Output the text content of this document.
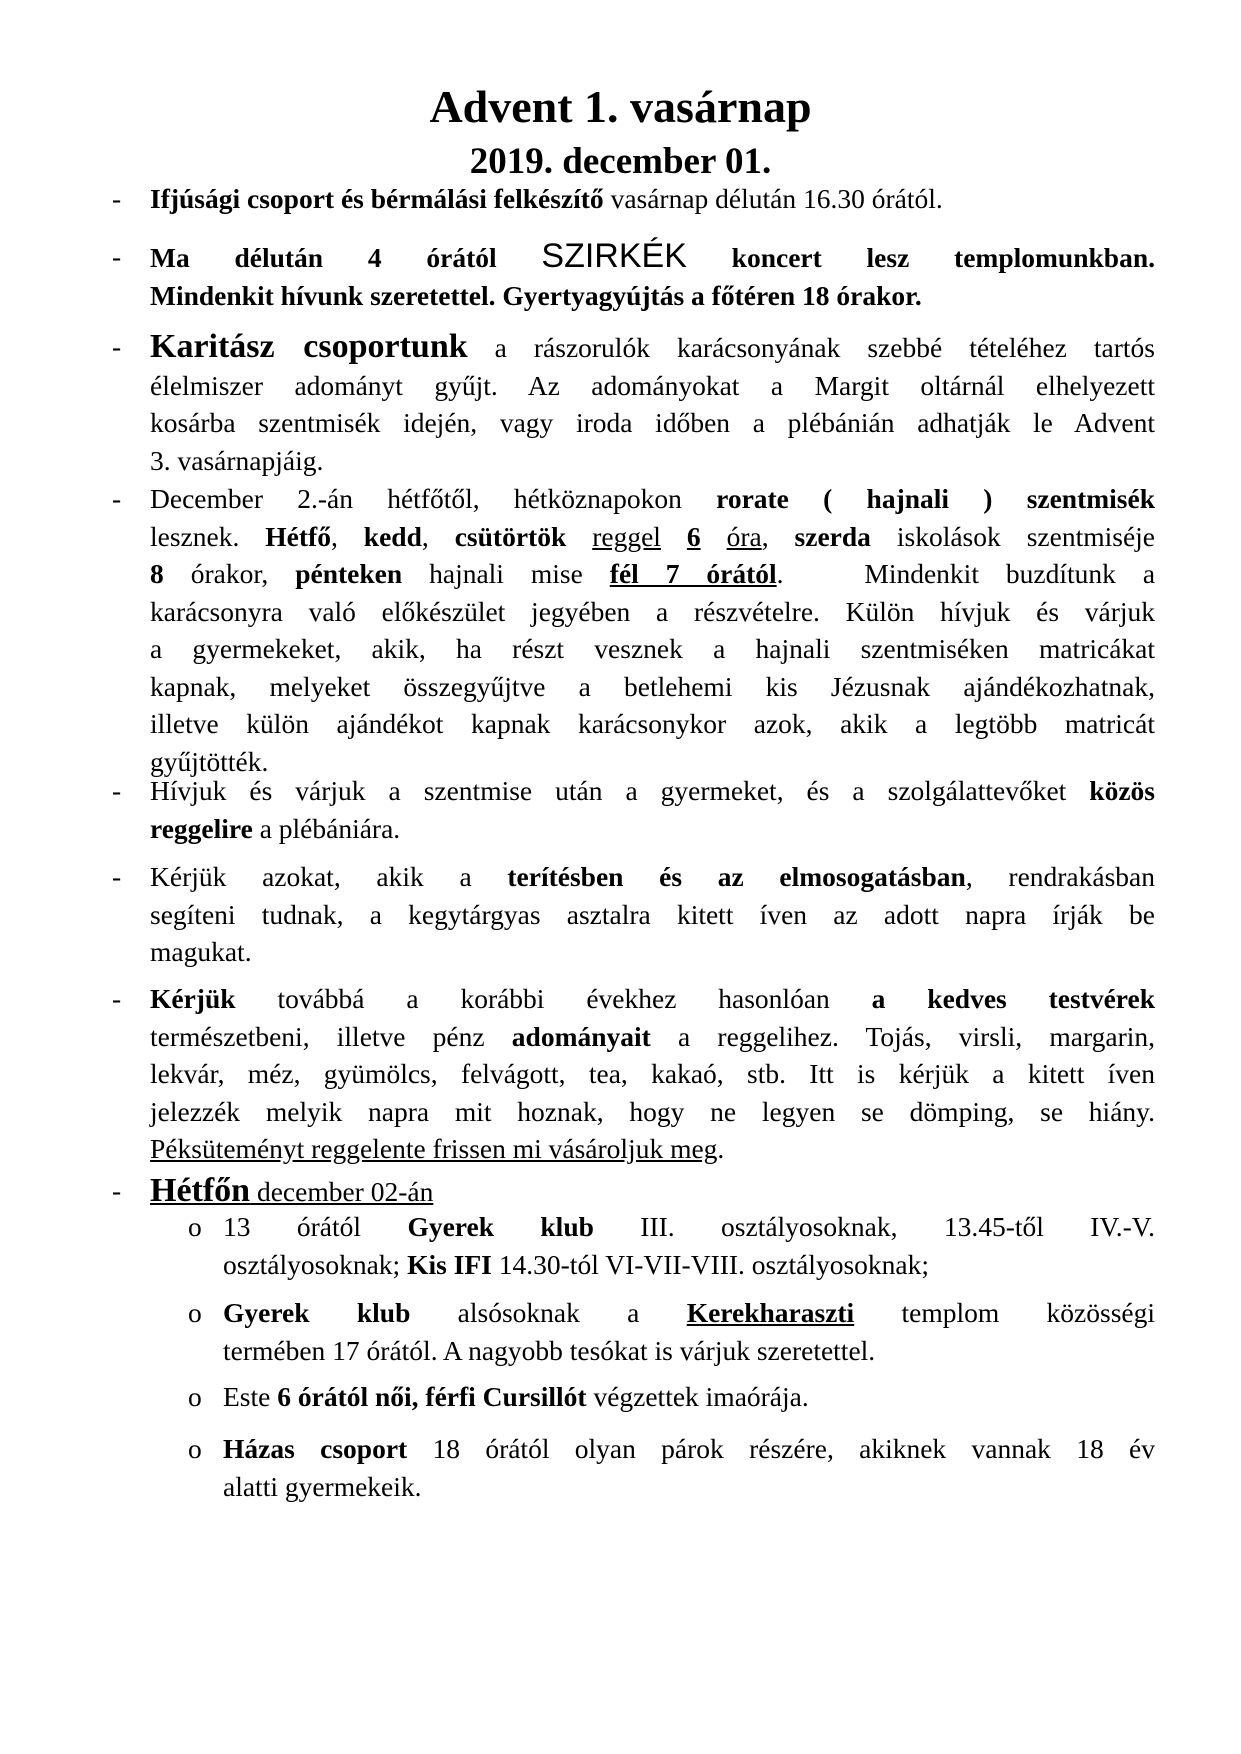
Advent 1. vasárnap
2019. december 01.
- Ifjúsági csoport és bérmálási felkészítő vasárnap délután 16.30 órától.

- Ma délután 4 órától SZIRKÉK koncert lesz templomunkban.

Mindenkit hívunk szeretettel. Gyertyagyújtás a főtéren 18 órakor.

- Karitász csoportunk a rászorulók karácsonyának szebbé tételéhez tartós

élelmiszer adományt gyűjt. Az adományokat a Margit oltárnál elhelyezett

kosárba szentmisék idején, vagy iroda időben a plébánián adhatják le Advent

3. vasárnapjáig.

- December 2.-án hétfőtől, hétköznapokon rorate ( hajnali ) szentmisék

lesznek. Hétfő, kedd, csütörtök reggel 6 óra, szerda iskolások szentmiséje

8 órakor, pénteken hajnali mise fél 7 órától.	Mindenkit buzdítunk a

karácsonyra való előkészület jegyében a részvételre. Külön hívjuk és várjuk

a gyermekeket, akik, ha részt vesznek a hajnali szentmiséken matricákat

kapnak, melyeket összegyűjtve a betlehemi kis Jézusnak ajándékozhatnak,

illetve külön ajándékot kapnak karácsonykor azok, akik a legtöbb matricát

gyűjtötték.

- Hívjuk és várjuk a szentmise után a gyermeket, és a szolgálattevőket közös

reggelire a plébániára.

- Kérjük azokat, akik a terítésben és az elmosogatásban, rendrakásban

segíteni tudnak, a kegytárgyas asztalra kitett íven az adott napra írják be

magukat.

- Kérjük továbbá a korábbi évekhez hasonlóan a kedves testvérek

természetbeni, illetve pénz adományait a reggelihez. Tojás, virsli, margarin,

lekvár, méz, gyümölcs, felvágott, tea, kakaó, stb. Itt is kérjük a kitett íven

jelezzék melyik napra mit hoznak, hogy ne legyen se dömping, se hiány.

Péksüteményt reggelente frissen mi vásároljuk meg.

- Hétfőn december 02-án

o 13 órától Gyerek klub III. osztályosoknak, 13.45-től IV.-V.

osztályosoknak; Kis IFI 14.30-tól VI-VII-VIII. osztályosoknak;

o Gyerek klub alsósoknak a Kerekharaszti templom közösségi

termében 17 órától. A nagyobb tesókat is várjuk szeretettel.

o Este 6 órától női, férfi Cursillót végzettek imaórája.

o Házas csoport 18 órától olyan párok részére, akiknek vannak 18 év

alatti gyermekeik.
